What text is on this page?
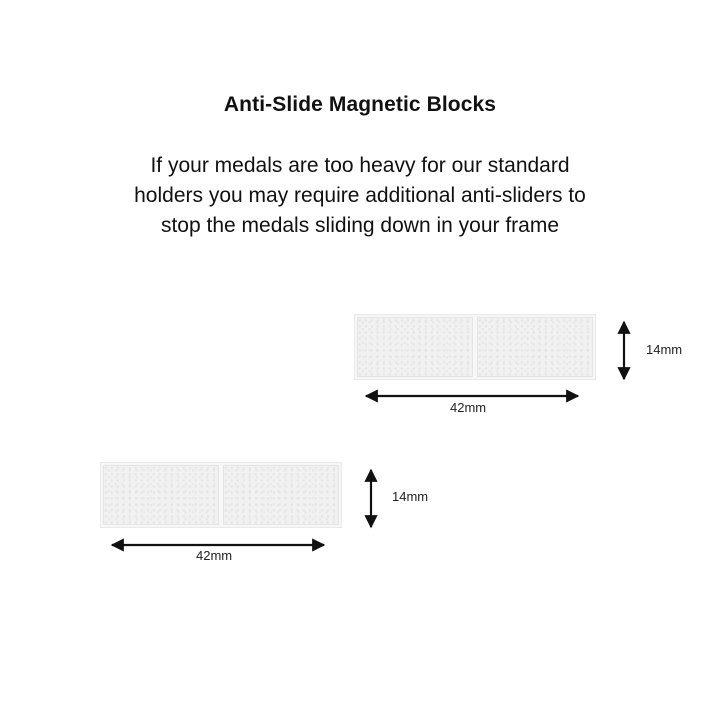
Anti-Slide Magnetic Blocks
If your medals are too heavy for our standard
holders you may require additional anti-sliders to
stop the medals sliding down in your frame
14mm
42mm
14mm
42mm
